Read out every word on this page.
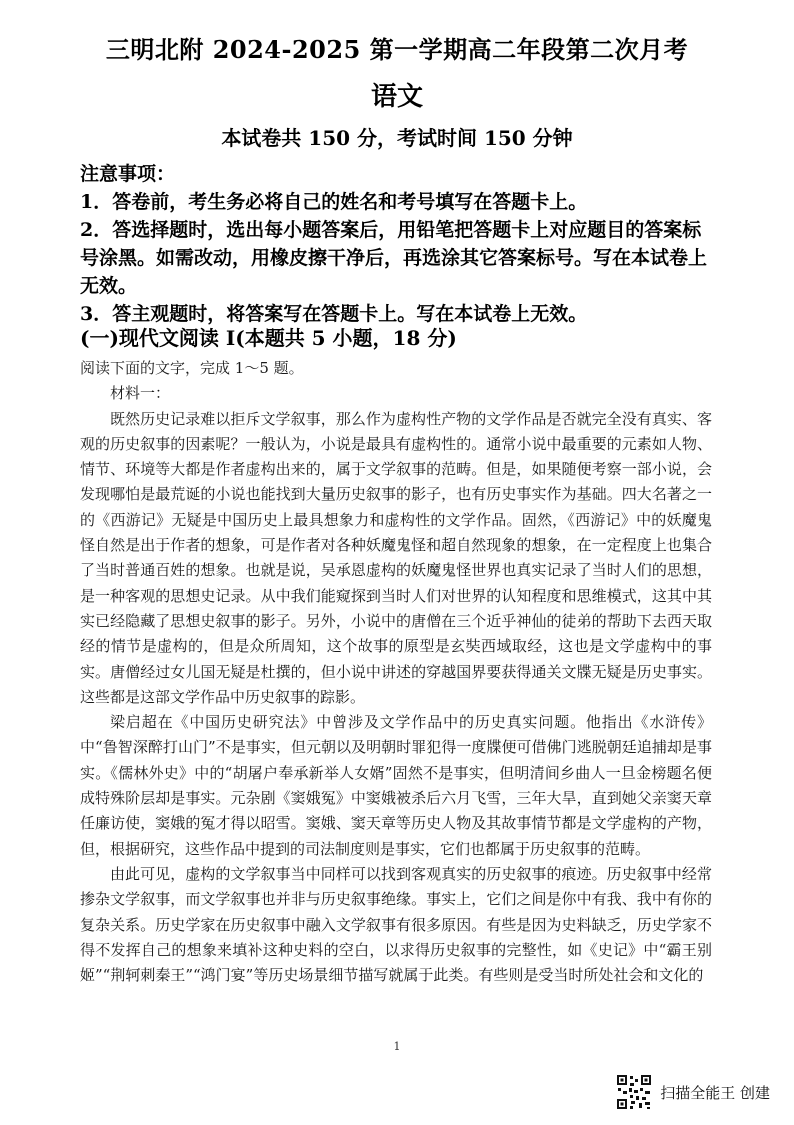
三明北附 2024-2025 第一学期高二年段第二次月考
语文
本试卷共 150 分，考试时间 150 分钟

注意事项：

1．答卷前，考生务必将自己的姓名和考号填写在答题卡上。

2．答选择题时，选出每小题答案后，用铅笔把答题卡上对应题目的答案标号涂黑。如需改动，用橡皮擦干净后，再选涂其它答案标号。写在本试卷上无效。

3．答主观题时，将答案写在答题卡上。写在本试卷上无效。

(一)现代文阅读 I(本题共 5 小题，18 分)

阅读下面的文字，完成 1～5 题。

材料一：

既然历史记录难以拒斥文学叙事，那么作为虚构性产物的文学作品是否就完全没有真实、客观的历史叙事的因素呢？一般认为，小说是最具有虚构性的。通常小说中最重要的元素如人物、情节、环境等大都是作者虚构出来的，属于文学叙事的范畴。但是，如果随便考察一部小说，会发现哪怕是最荒诞的小说也能找到大量历史叙事的影子，也有历史事实作为基础。四大名著之一的《西游记》无疑是中国历史上最具想象力和虚构性的文学作品。固然，《西游记》中的妖魔鬼怪自然是出于作者的想象，可是作者对各种妖魔鬼怪和超自然现象的想象，在一定程度上也集合了当时普通百姓的想象。也就是说，吴承恩虚构的妖魔鬼怪世界也真实记录了当时人们的思想，是一种客观的思想史记录。从中我们能窥探到当时人们对世界的认知程度和思维模式，这其中其实已经隐藏了思想史叙事的影子。另外，小说中的唐僧在三个近乎神仙的徒弟的帮助下去西天取经的情节是虚构的，但是众所周知，这个故事的原型是玄奘西域取经，这也是文学虚构中的事实。唐僧经过女儿国无疑是杜撰的，但小说中讲述的穿越国界要获得通关文牒无疑是历史事实。这些都是这部文学作品中历史叙事的踪影。

梁启超在《中国历史研究法》中曾涉及文学作品中的历史真实问题。他指出《水浒传》中“鲁智深醉打山门”不是事实，但元朝以及明朝时罪犯得一度牒便可借佛门逃脱朝廷追捕却是事实。《儒林外史》中的“胡屠户奉承新举人女婿”固然不是事实，但明清间乡曲人一旦金榜题名便成特殊阶层却是事实。元杂剧《窦娥冤》中窦娥被杀后六月飞雪，三年大旱，直到她父亲窦天章任廉访使，窦娥的冤才得以昭雪。窦娥、窦天章等历史人物及其故事情节都是文学虚构的产物，但，根据研究，这些作品中提到的司法制度则是事实，它们也都属于历史叙事的范畴。

由此可见，虚构的文学叙事当中同样可以找到客观真实的历史叙事的痕迹。历史叙事中经常掺杂文学叙事，而文学叙事也并非与历史叙事绝缘。事实上，它们之间是你中有我、我中有你的复杂关系。历史学家在历史叙事中融入文学叙事有很多原因。有些是因为史料缺乏，历史学家不得不发挥自己的想象来填补这种史料的空白，以求得历史叙事的完整性，如《史记》中“霸王别姬”“荆轲刺秦王”“鸿门宴”等历史场景细节描写就属于此类。有些则是受当时所处社会和文化的

1
扫描全能王 创建
